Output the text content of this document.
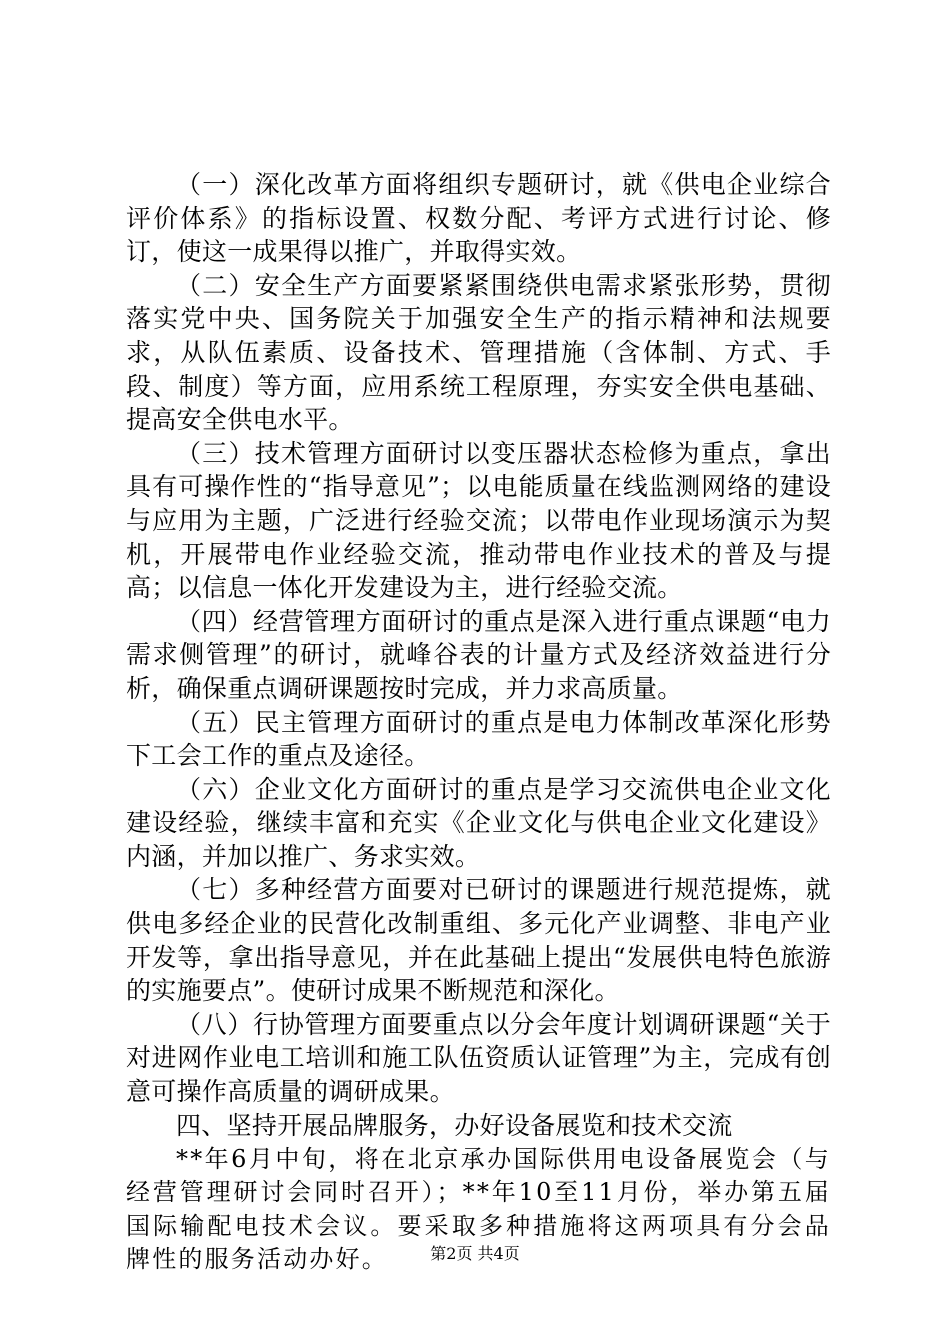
（一）深化改革方面将组织专题研讨，就《供电企业综合评价体系》的指标设置、权数分配、考评方式进行讨论、修订，使这一成果得以推广，并取得实效。

（二）安全生产方面要紧紧围绕供电需求紧张形势，贯彻落实党中央、国务院关于加强安全生产的指示精神和法规要求，从队伍素质、设备技术、管理措施（含体制、方式、手段、制度）等方面，应用系统工程原理，夯实安全供电基础、提高安全供电水平。

（三）技术管理方面研讨以变压器状态检修为重点，拿出具有可操作性的“指导意见”；以电能质量在线监测网络的建设与应用为主题，广泛进行经验交流；以带电作业现场演示为契机，开展带电作业经验交流，推动带电作业技术的普及与提高；以信息一体化开发建设为主，进行经验交流。

（四）经营管理方面研讨的重点是深入进行重点课题“电力需求侧管理”的研讨，就峰谷表的计量方式及经济效益进行分析，确保重点调研课题按时完成，并力求高质量。

（五）民主管理方面研讨的重点是电力体制改革深化形势下工会工作的重点及途径。

（六）企业文化方面研讨的重点是学习交流供电企业文化建设经验，继续丰富和充实《企业文化与供电企业文化建设》内涵，并加以推广、务求实效。

（七）多种经营方面要对已研讨的课题进行规范提炼，就供电多经企业的民营化改制重组、多元化产业调整、非电产业开发等，拿出指导意见，并在此基础上提出“发展供电特色旅游的实施要点”。使研讨成果不断规范和深化。

（八）行协管理方面要重点以分会年度计划调研课题“关于对进网作业电工培训和施工队伍资质认证管理”为主，完成有创意可操作高质量的调研成果。

四、坚持开展品牌服务，办好设备展览和技术交流

**年6月中旬，将在北京承办国际供用电设备展览会（与经营管理研讨会同时召开）；**年10至11月份，举办第五届国际输配电技术会议。要采取多种措施将这两项具有分会品牌性的服务活动办好。	第2页 共4页
